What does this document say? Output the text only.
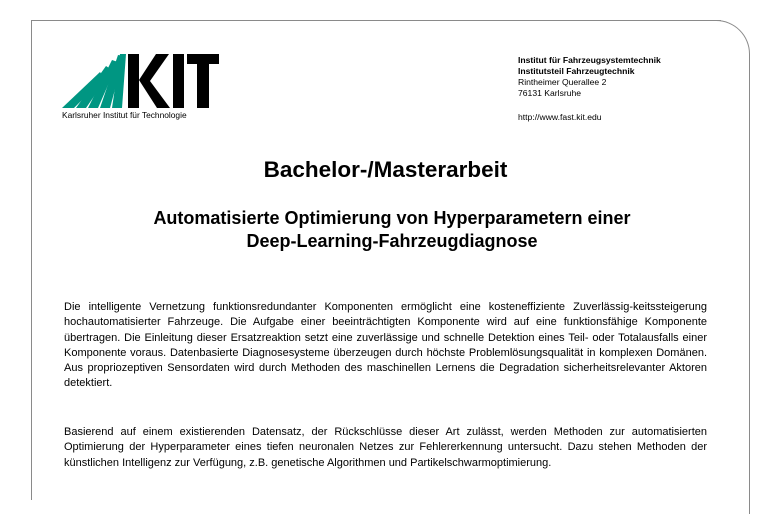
Karlsruher Institut für Technologie
Institut für Fahrzeugsystemtechnik
Institutsteil Fahrzeugtechnik
Rintheimer Querallee 2
76131 Karlsruhe
http://www.fast.kit.edu
Bachelor-/Masterarbeit
Automatisierte Optimierung von Hyperparametern einer
Deep-Learning-Fahrzeugdiagnose
Die intelligente Vernetzung funktionsredundanter Komponenten ermöglicht eine kosteneffiziente Zuverlässig-keitssteigerung hochautomatisierter Fahrzeuge. Die Aufgabe einer beeinträchtigten Komponente wird auf eine funktionsfähige Komponente übertragen. Die Einleitung dieser Ersatzreaktion setzt eine zuverlässige und schnelle Detektion eines Teil- oder Totalausfalls einer Komponente voraus. Datenbasierte Diagnosesysteme überzeugen durch höchste Problemlösungsqualität in komplexen Domänen. Aus propriozeptiven Sensordaten wird durch Methoden des maschinellen Lernens die Degradation sicherheitsrelevanter Aktoren detektiert.
Basierend auf einem existierenden Datensatz, der Rückschlüsse dieser Art zulässt, werden Methoden zur automatisierten Optimierung der Hyperparameter eines tiefen neuronalen Netzes zur Fehlererkennung untersucht. Dazu stehen Methoden der künstlichen Intelligenz zur Verfügung, z.B. genetische Algorithmen und Partikelschwarmoptimierung.
